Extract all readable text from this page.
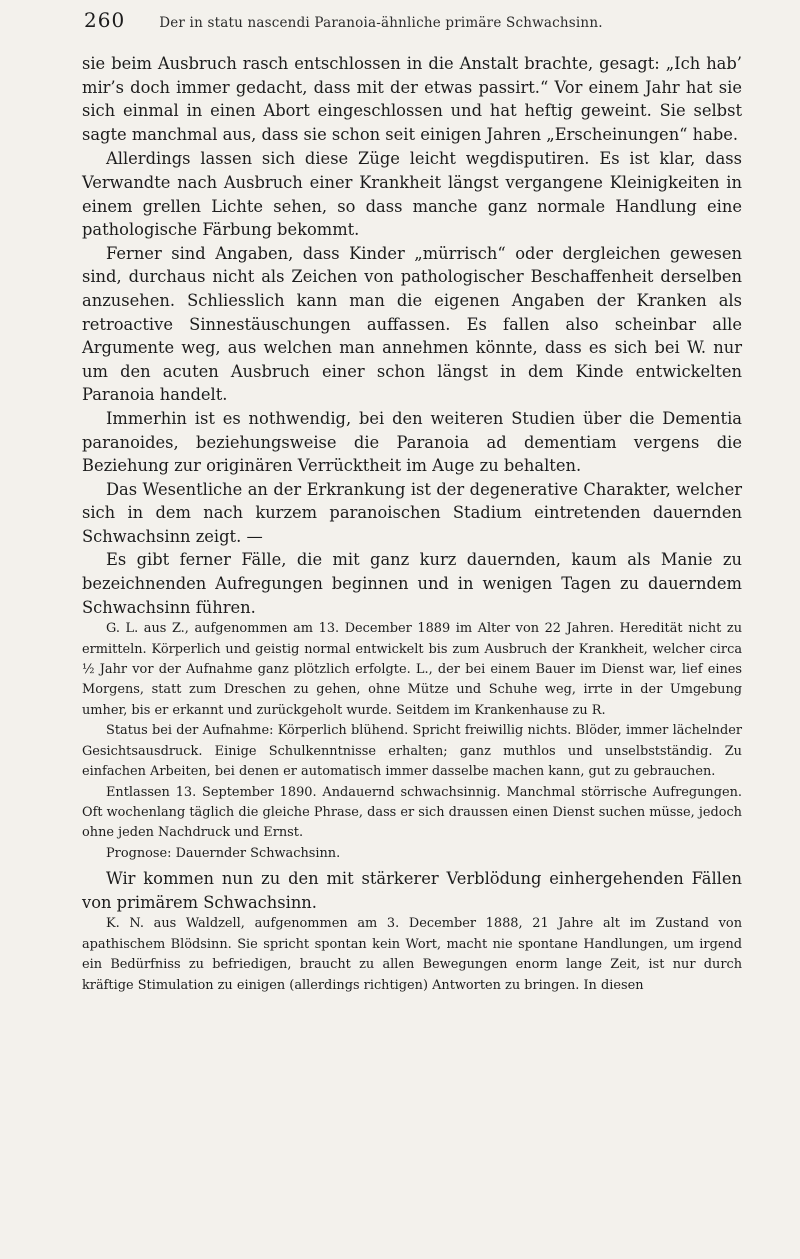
260	Der in statu nascendi Paranoia-ähnliche primäre Schwachsinn.

sie beim Ausbruch rasch entschlossen in die Anstalt brachte, gesagt: „Ich hab’ mir’s doch immer gedacht, dass mit der etwas passirt.“ Vor einem Jahr hat sie sich einmal in einen Abort eingeschlossen und hat heftig geweint. Sie selbst sagte manchmal aus, dass sie schon seit einigen Jahren „Erscheinungen“ habe.

Allerdings lassen sich diese Züge leicht wegdisputiren. Es ist klar, dass Verwandte nach Ausbruch einer Krankheit längst vergangene Kleinigkeiten in einem grellen Lichte sehen, so dass manche ganz normale Handlung eine pathologische Färbung bekommt.

Ferner sind Angaben, dass Kinder „mürrisch“ oder dergleichen gewesen sind, durchaus nicht als Zeichen von pathologischer Beschaffenheit derselben anzusehen. Schliesslich kann man die eigenen Angaben der Kranken als retroactive Sinnestäuschungen auffassen. Es fallen also scheinbar alle Argumente weg, aus welchen man annehmen könnte, dass es sich bei W. nur um den acuten Ausbruch einer schon längst in dem Kinde entwickelten Paranoia handelt.

Immerhin ist es nothwendig, bei den weiteren Studien über die Dementia paranoides, beziehungsweise die Paranoia ad dementiam vergens die Beziehung zur originären Verrücktheit im Auge zu behalten.

Das Wesentliche an der Erkrankung ist der degenerative Charakter, welcher sich in dem nach kurzem paranoischen Stadium eintretenden dauernden Schwachsinn zeigt. —

Es gibt ferner Fälle, die mit ganz kurz dauernden, kaum als Manie zu bezeichnenden Aufregungen beginnen und in wenigen Tagen zu dauerndem Schwachsinn führen.

G. L. aus Z., aufgenommen am 13. December 1889 im Alter von 22 Jahren. Heredität nicht zu ermitteln. Körperlich und geistig normal entwickelt bis zum Ausbruch der Krankheit, welcher circa ½ Jahr vor der Aufnahme ganz plötzlich erfolgte. L., der bei einem Bauer im Dienst war, lief eines Morgens, statt zum Dreschen zu gehen, ohne Mütze und Schuhe weg, irrte in der Umgebung umher, bis er erkannt und zurückgeholt wurde. Seitdem im Krankenhause zu R.

Status bei der Aufnahme: Körperlich blühend. Spricht freiwillig nichts. Blöder, immer lächelnder Gesichtsausdruck. Einige Schulkenntnisse erhalten; ganz muthlos und unselbstständig. Zu einfachen Arbeiten, bei denen er automatisch immer dasselbe machen kann, gut zu gebrauchen.

Entlassen 13. September 1890. Andauernd schwachsinnig. Manchmal störrische Aufregungen. Oft wochenlang täglich die gleiche Phrase, dass er sich draussen einen Dienst suchen müsse, jedoch ohne jeden Nachdruck und Ernst.

Prognose: Dauernder Schwachsinn.

Wir kommen nun zu den mit stärkerer Verblödung einhergehenden Fällen von primärem Schwachsinn.

K. N. aus Waldzell, aufgenommen am 3. December 1888, 21 Jahre alt im Zustand von apathischem Blödsinn. Sie spricht spontan kein Wort, macht nie spontane Handlungen, um irgend ein Bedürfniss zu befriedigen, braucht zu allen Bewegungen enorm lange Zeit, ist nur durch kräftige Stimulation zu einigen (allerdings richtigen) Antworten zu bringen. In diesen
